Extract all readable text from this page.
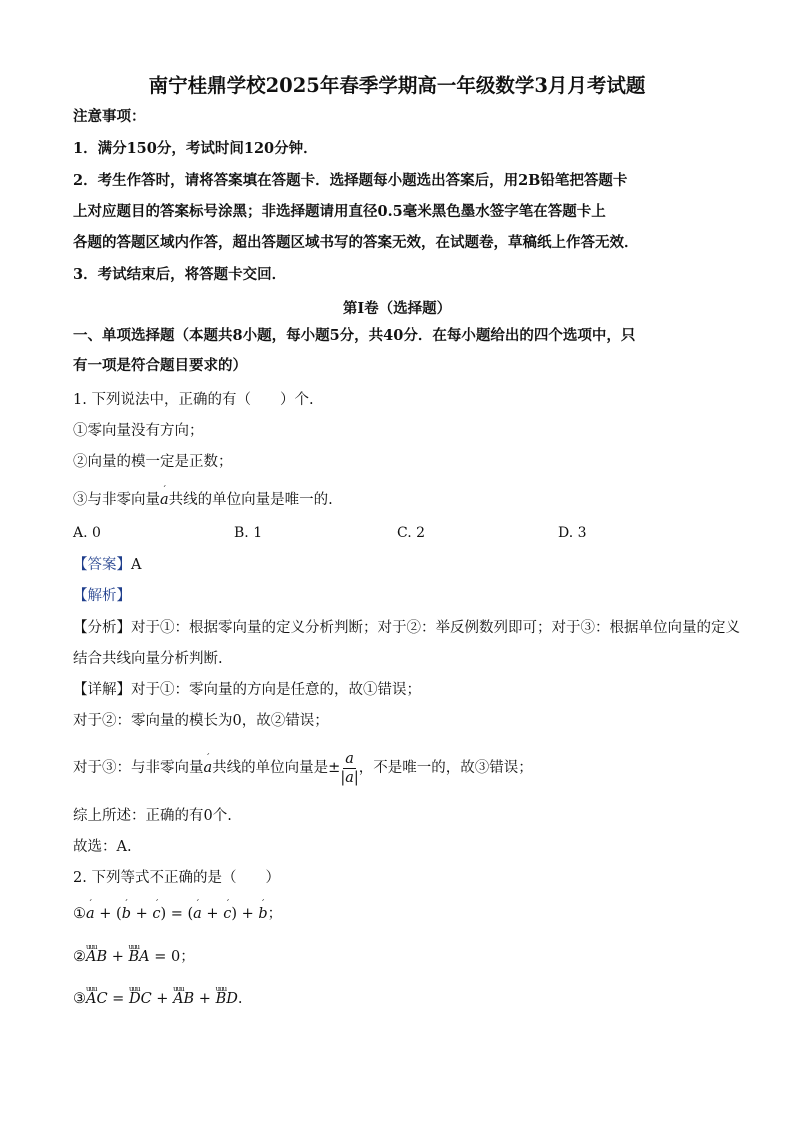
南宁桂鼎学校2025年春季学期高一年级数学3月月考试题
注意事项：
1．满分150分，考试时间120分钟．
2．考生作答时，请将答案填在答题卡．选择题每小题选出答案后，用2B铅笔把答题卡
上对应题目的答案标号涂黑；非选择题请用直径0.5毫米黑色墨水签字笔在答题卡上
各题的答题区域内作答，超出答题区域书写的答案无效，在试题卷，草稿纸上作答无效．
3．考试结束后，将答题卡交回．
第I卷（选择题）
一、单项选择题（本题共8小题，每小题5分，共40分．在每小题给出的四个选项中，只
有一项是符合题目要求的）
1. 下列说法中，正确的有（　　）个.
①零向量没有方向；
②向量的模一定是正数；
③与非零向量ˊ a共线的单位向量是唯一的.
A. 0	B. 1	C. 2	D. 3
【答案】A
【解析】
【分析】对于①：根据零向量的定义分析判断；对于②：举反例数列即可；对于③：根据单位向量的定义
结合共线向量分析判断.
【详解】对于①：零向量的方向是任意的，故①错误；
对于②：零向量的模长为0，故②错误；
对于③：与非零向量ˊ a共线的单位向量是± $\frac{a}{|a|}$ ，不是唯一的，故③错误；
综上所述：正确的有0个.
故选：A.
2. 下列等式不正确的是（　　）
①ˊ a + (ˊ b + ˊ c) = (ˊ a + ˊ c) + ˊ b；
②uuu AB + uuu BA = 0；
③uuu AC = uuu DC + uuu AB + uuu BD.
